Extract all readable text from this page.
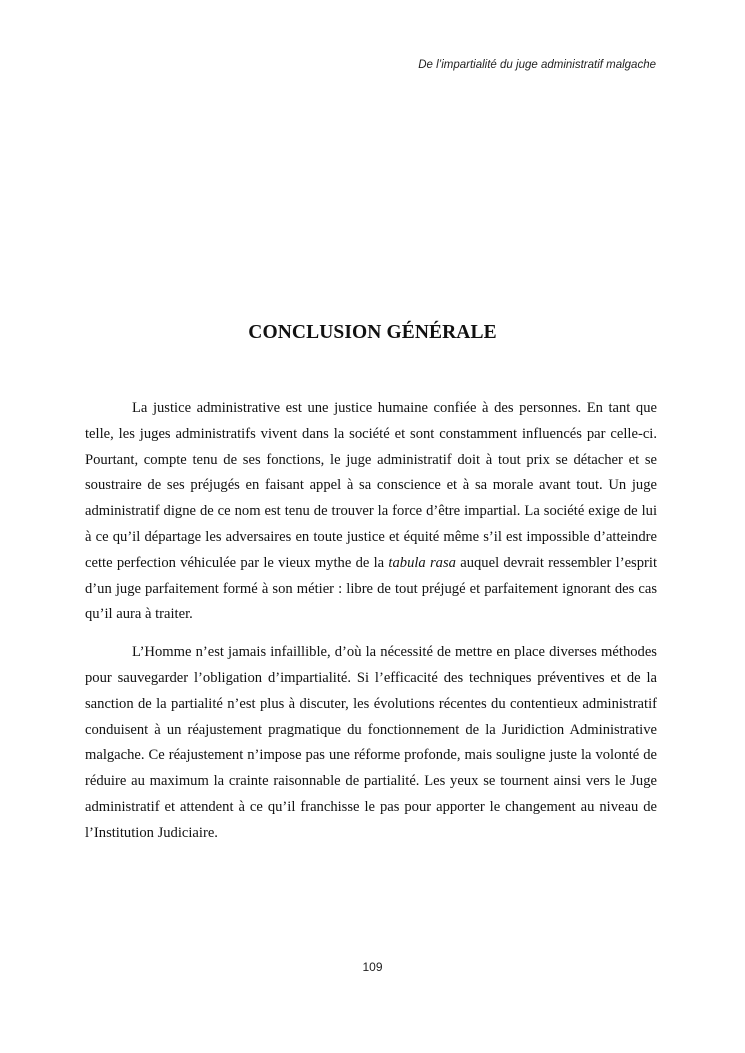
De l’impartialité du juge administratif malgache
CONCLUSION GÉNÉRALE

La justice administrative est une justice humaine confiée à des personnes. En tant que telle, les juges administratifs vivent dans la société et sont constamment influencés par celle-ci. Pourtant, compte tenu de ses fonctions, le juge administratif doit à tout prix se détacher et se soustraire de ses préjugés en faisant appel à sa conscience et à sa morale avant tout. Un juge administratif digne de ce nom est tenu de trouver la force d’être impartial. La société exige de lui à ce qu’il départage les adversaires en toute justice et équité même s’il est impossible d’atteindre cette perfection véhiculée par le vieux mythe de la tabula rasa auquel devrait ressembler l’esprit d’un juge parfaitement formé à son métier : libre de tout préjugé et parfaitement ignorant des cas qu’il aura à traiter.

L’Homme n’est jamais infaillible, d’où la nécessité de mettre en place diverses méthodes pour sauvegarder l’obligation d’impartialité. Si l’efficacité des techniques préventives et de la sanction de la partialité n’est plus à discuter, les évolutions récentes du contentieux administratif conduisent à un réajustement pragmatique du fonctionnement de la Juridiction Administrative malgache. Ce réajustement n’impose pas une réforme profonde, mais souligne juste la volonté de réduire au maximum la crainte raisonnable de partialité. Les yeux se tournent ainsi vers le Juge administratif et attendent à ce qu’il franchisse le pas pour apporter le changement au niveau de l’Institution Judiciaire.

109
